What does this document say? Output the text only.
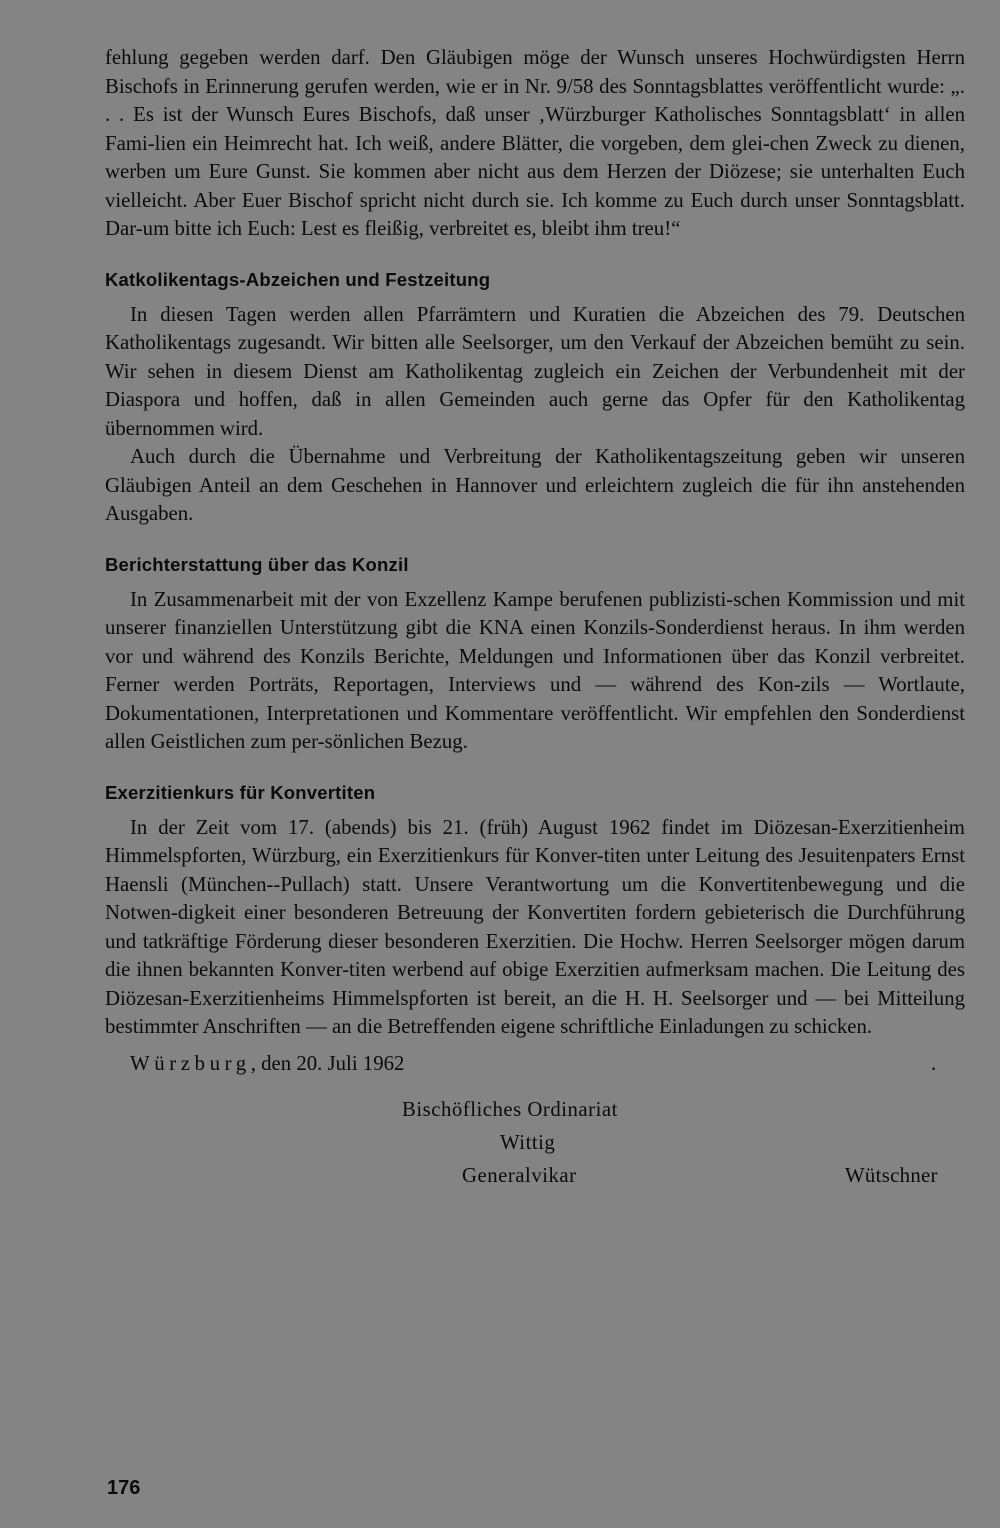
fehlung gegeben werden darf. Den Gläubigen möge der Wunsch unseres Hochwürdigsten Herrn Bischofs in Erinnerung gerufen werden, wie er in Nr. 9/58 des Sonntagsblattes veröffentlicht wurde: „. . . Es ist der Wunsch Eures Bischofs, daß unser ‚Würzburger Katholisches Sonntagsblatt‘ in allen Fami-lien ein Heimrecht hat. Ich weiß, andere Blätter, die vorgeben, dem glei-chen Zweck zu dienen, werben um Eure Gunst. Sie kommen aber nicht aus dem Herzen der Diözese; sie unterhalten Euch vielleicht. Aber Euer Bischof spricht nicht durch sie. Ich komme zu Euch durch unser Sonntagsblatt. Dar-um bitte ich Euch: Lest es fleißig, verbreitet es, bleibt ihm treu!“

Katkolikentags-Abzeichen und Festzeitung

In diesen Tagen werden allen Pfarrämtern und Kuratien die Abzeichen des 79. Deutschen Katholikentags zugesandt. Wir bitten alle Seelsorger, um den Verkauf der Abzeichen bemüht zu sein. Wir sehen in diesem Dienst am Katholikentag zugleich ein Zeichen der Verbundenheit mit der Diaspora und hoffen, daß in allen Gemeinden auch gerne das Opfer für den Katholikentag übernommen wird.

Auch durch die Übernahme und Verbreitung der Katholikentagszeitung geben wir unseren Gläubigen Anteil an dem Geschehen in Hannover und erleichtern zugleich die für ihn anstehenden Ausgaben.

Berichterstattung über das Konzil

In Zusammenarbeit mit der von Exzellenz Kampe berufenen publizisti-schen Kommission und mit unserer finanziellen Unterstützung gibt die KNA einen Konzils-Sonderdienst heraus. In ihm werden vor und während des Konzils Berichte, Meldungen und Informationen über das Konzil verbreitet. Ferner werden Porträts, Reportagen, Interviews und — während des Kon-zils — Wortlaute, Dokumentationen, Interpretationen und Kommentare veröffentlicht. Wir empfehlen den Sonderdienst allen Geistlichen zum per-sönlichen Bezug.

Exerzitienkurs für Konvertiten

In der Zeit vom 17. (abends) bis 21. (früh) August 1962 findet im Diözesan-Exerzitienheim Himmelspforten, Würzburg, ein Exerzitienkurs für Konver-titen unter Leitung des Jesuitenpaters Ernst Haensli (München--Pullach) statt. Unsere Verantwortung um die Konvertitenbewegung und die Notwen-digkeit einer besonderen Betreuung der Konvertiten fordern gebieterisch die Durchführung und tatkräftige Förderung dieser besonderen Exerzitien. Die Hochw. Herren Seelsorger mögen darum die ihnen bekannten Konver-titen werbend auf obige Exerzitien aufmerksam machen. Die Leitung des Diözesan-Exerzitienheims Himmelspforten ist bereit, an die H. H. Seelsorger und — bei Mitteilung bestimmter Anschriften — an die Betreffenden eigene schriftliche Einladungen zu schicken.

Würzburg, den 20. Juli 1962	.
Bischöfliches Ordinariat
Wittig
Generalvikar	Wütschner
176
